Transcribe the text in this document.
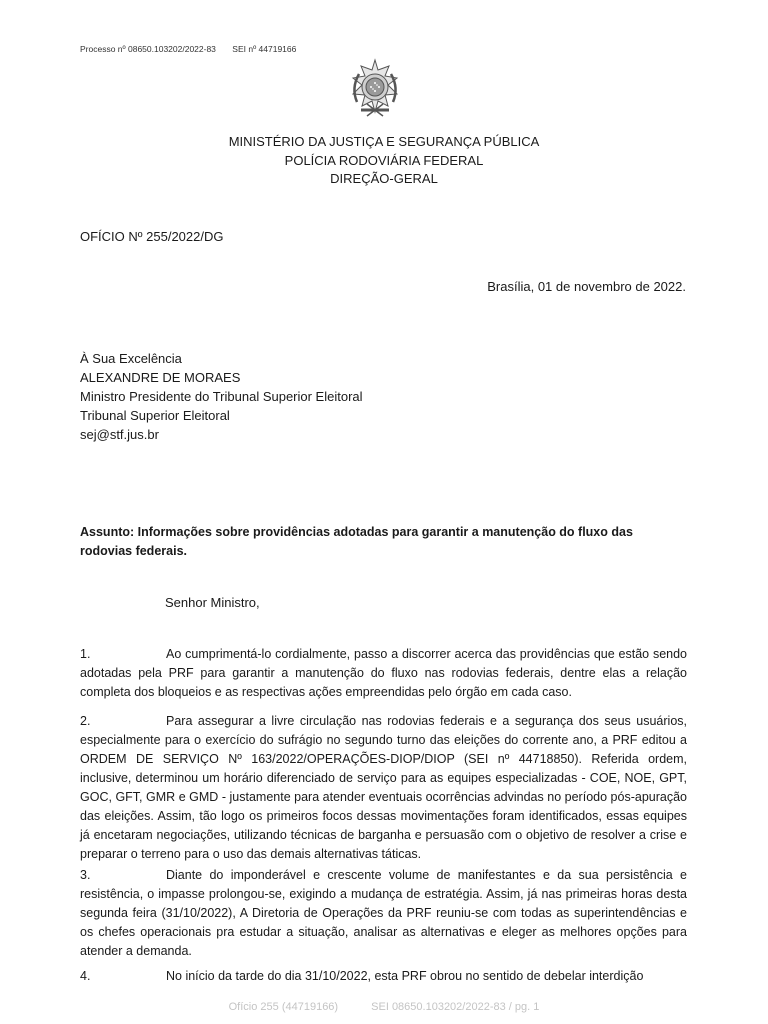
Processo nº 08650.103202/2022-83 SEI nº 44719166
MINISTÉRIO DA JUSTIÇA E SEGURANÇA PÚBLICA
POLÍCIA RODOVIÁRIA FEDERAL
DIREÇÃO-GERAL
OFÍCIO Nº 255/2022/DG
Brasília, 01 de novembro de 2022.
À Sua Excelência
ALEXANDRE DE MORAES
Ministro Presidente do Tribunal Superior Eleitoral
Tribunal Superior Eleitoral
sej@stf.jus.br
Assunto: Informações sobre providências adotadas para garantir a manutenção do fluxo das rodovias federais.
Senhor Ministro,
1.	Ao cumprimentá-lo cordialmente, passo a discorrer acerca das providências que estão sendo adotadas pela PRF para garantir a manutenção do fluxo nas rodovias federais, dentre elas a relação completa dos bloqueios e as respectivas ações empreendidas pelo órgão em cada caso.
2.	Para assegurar a livre circulação nas rodovias federais e a segurança dos seus usuários, especialmente para o exercício do sufrágio no segundo turno das eleições do corrente ano, a PRF editou a ORDEM DE SERVIÇO Nº 163/2022/OPERAÇÕES-DIOP/DIOP (SEI nº 44718850). Referida ordem, inclusive, determinou um horário diferenciado de serviço para as equipes especializadas - COE, NOE, GPT, GOC, GFT, GMR e GMD - justamente para atender eventuais ocorrências advindas no período pós-apuração das eleições. Assim, tão logo os primeiros focos dessas movimentações foram identificados, essas equipes já encetaram negociações, utilizando técnicas de barganha e persuasão com o objetivo de resolver a crise e preparar o terreno para o uso das demais alternativas táticas.
3.	Diante do imponderável e crescente volume de manifestantes e da sua persistência e resistência, o impasse prolongou-se, exigindo a mudança de estratégia. Assim, já nas primeiras horas desta segunda feira (31/10/2022), A Diretoria de Operações da PRF reuniu-se com todas as superintendências e os chefes operacionais pra estudar a situação, analisar as alternativas e eleger as melhores opções para atender a demanda.
4.	No início da tarde do dia 31/10/2022, esta PRF obrou no sentido de debelar interdição
Ofício 255 (44719166)	SEI 08650.103202/2022-83 / pg. 1
